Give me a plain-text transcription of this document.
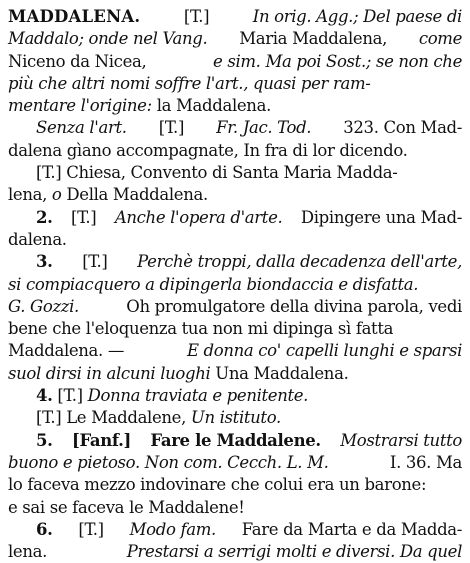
MADDALENA.	[T.]	In orig. Agg.; Del paese di
Maddalo; onde nel Vang. Maria Maddalena, come
Niceno da Nicea,	e sim. Ma poi Sost.; se non che
più che altri nomi soffre l'art., quasi per ram-
mentare l'origine: la Maddalena.
Senza l'art. [T.] Fr. Jac. Tod. 323. Con Mad-
dalena gìano accompagnate, In fra di lor dicendo.
[T.] Chiesa, Convento di Santa Maria Madda-
lena, o Della Maddalena.
2. [T.] Anche l'opera d'arte. Dipingere una Mad-
dalena.
3. [T.] Perchè troppi, dalla decadenza dell'arte,
si compiacquero a dipingerla biondaccia e disfatta.
G. Gozzi.	Oh promulgatore della divina parola, vedi
bene che l'eloquenza tua non mi dipinga sì fatta
Maddalena. —	E donna co' capelli lunghi e sparsi
suol dirsi in alcuni luoghi Una Maddalena.
4. [T.] Donna traviata e penitente.
[T.] Le Maddalene, Un istituto.
5. [Fanf.] Fare le Maddalene. Mostrarsi tutto
buono e pietoso. Non com. Cecch. L. M.	I. 36. Ma
lo faceva mezzo indovinare che colui era un barone:
e sai se faceva le Maddalene!
6. [T.] Modo fam. Fare da Marta e da Madda-
lena.	Prestarsi a serrigi molti e diversi. Da quel
